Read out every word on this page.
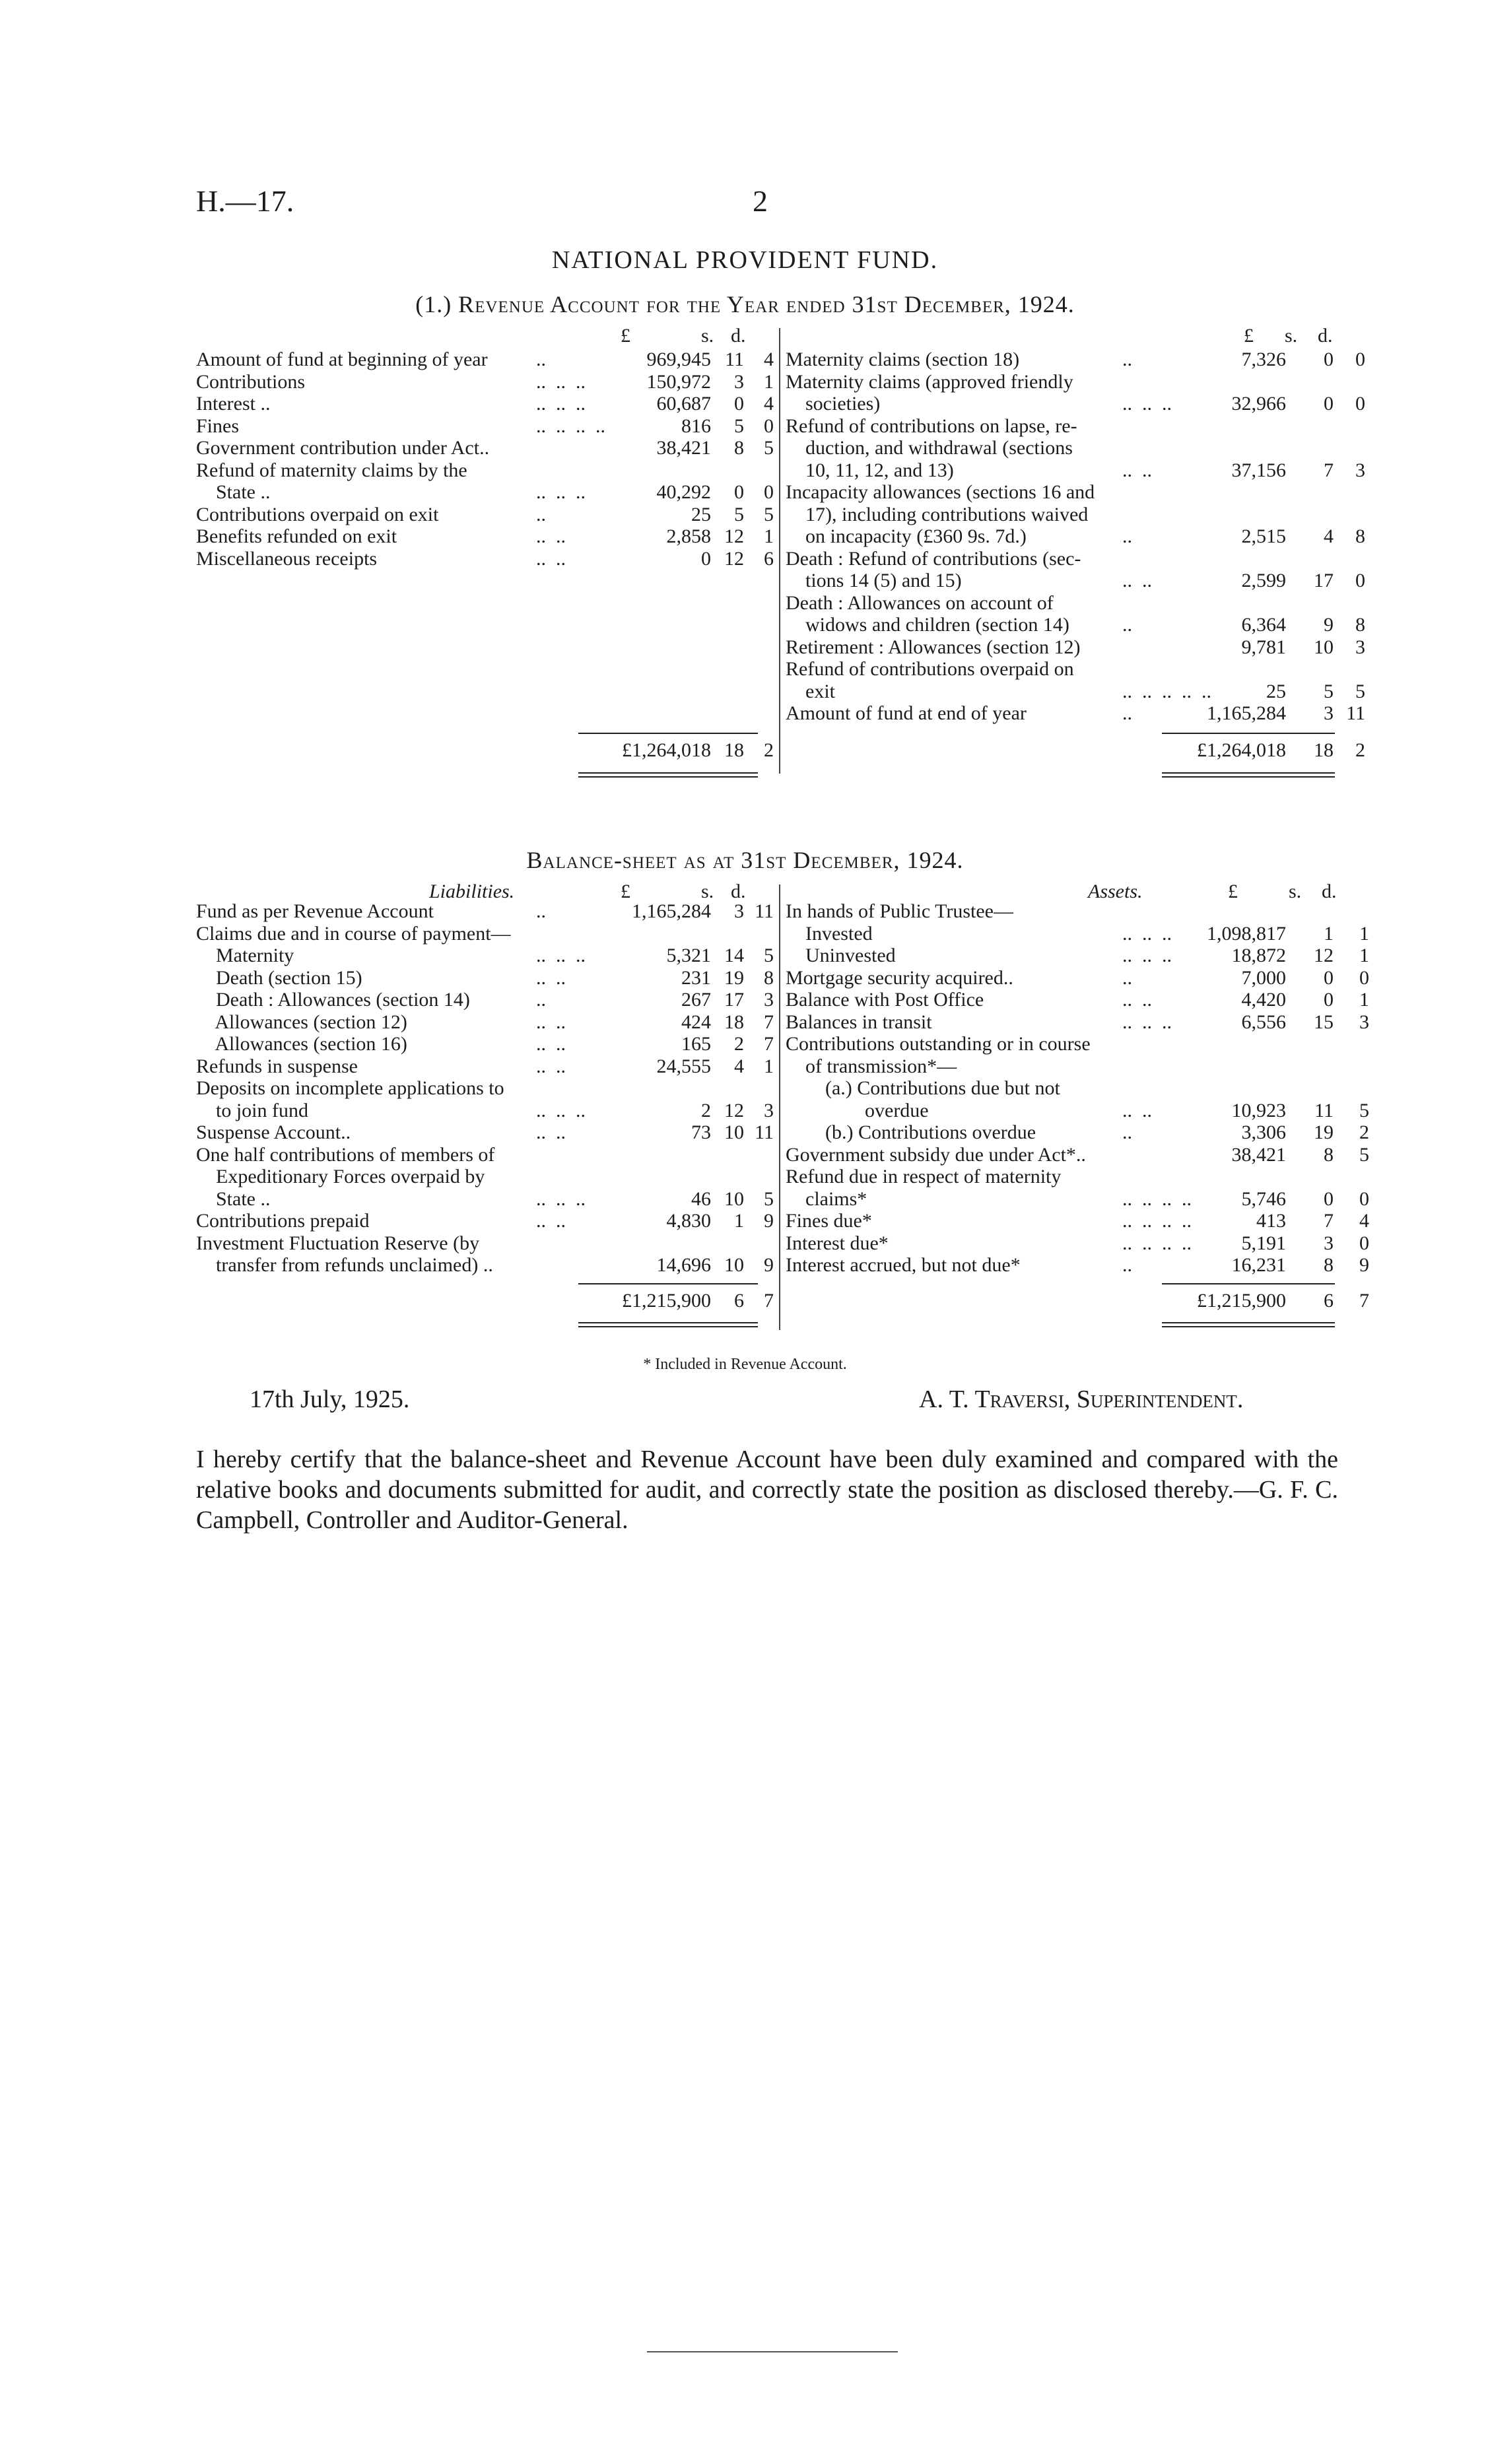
H.—17.	2
NATIONAL PROVIDENT FUND.
(1.) Revenue Account for the Year ended 31st December, 1924.
£	s. d.	£ s. d.
Amount of fund at beginning of year ..	969,945 11	4
Contributions	..  ..  ..	150,972	3	1
Interest ..	..  ..  ..	60,687	0	4
Fines	..  ..  ..  ..	816	5	0
Government contribution under Act..	38,421	8	5
Refund of maternity claims by the
State ..	..  ..  ..	40,292	0	0
Contributions overpaid on exit	..	25	5	5
Benefits refunded on exit	..  ..	2,858 12	1
Miscellaneous receipts	..  ..	0 12	6
£1,264,018 18	2
Maternity claims (section 18)	..	7,326	0	0
Maternity claims (approved friendly
societies)	..  ..  ..	32,966	0	0
Refund of contributions on lapse, re-
duction, and withdrawal (sections
10, 11, 12, and 13)	..  ..	37,156	7	3
Incapacity allowances (sections 16 and
17), including contributions waived
on incapacity (£360 9s. 7d.)	..	2,515	4	8
Death : Refund of contributions (sec-
tions 14 (5) and 15)	..  ..	2,599	17	0
Death : Allowances on account of
widows and children (section 14)	..	6,364	9	8
Retirement : Allowances (section 12)	9,781	10	3
Refund of contributions overpaid on
exit	..  ..  ..  ..  ..	25	5	5
Amount of fund at end of year	..	1,165,284	3 11
£1,264,018	18	2
Balance-sheet as at 31st December, 1924.
Liabilities.	Assets.
£	s. d.	£	s. d.
Fund as per Revenue Account	..	1,165,284	3 11
Claims due and in course of payment—
Maternity	..  ..  ..	5,321 14	5
Death (section 15)	..  ..	231 19	8
Death : Allowances (section 14)	..	267 17	3
Allowances (section 12)	..  ..	424 18	7
Allowances (section 16)	..  ..	165	2	7
Refunds in suspense	..  ..	24,555	4	1
Deposits on incomplete applications to
to join fund	..  ..  ..	2 12	3
Suspense Account..	..  ..	73 10 11
One half contributions of members of
Expeditionary Forces overpaid by
State ..	..  ..  ..	46 10	5
Contributions prepaid	..  ..	4,830	1	9
Investment Fluctuation Reserve (by
transfer from refunds unclaimed) ..	14,696 10	9
£1,215,900	6	7
In hands of Public Trustee—
Invested	..  ..  ..	1,098,817	1	1
Uninvested	..  ..  ..	18,872	12	1
Mortgage security acquired..	..	7,000	0	0
Balance with Post Office	..  ..	4,420	0	1
Balances in transit	..  ..  ..	6,556	15	3
Contributions outstanding or in course
of transmission*—
(a.) Contributions due but not
overdue	..  ..	10,923	11	5
(b.) Contributions overdue	..	3,306	19	2
Government subsidy due under Act*..	38,421	8	5
Refund due in respect of maternity
claims*	..  ..  ..  ..	5,746	0	0
Fines due*	..  ..  ..  ..	413	7	4
Interest due*	..  ..  ..  ..	5,191	3	0
Interest accrued, but not due*	..	16,231	8	9
£1,215,900	6	7
* Included in Revenue Account.
17th July, 1925.	A. T. Traversi, Superintendent.
I hereby certify that the balance-sheet and Revenue Account have been duly examined and compared with the relative books and documents submitted for audit, and correctly state the position as disclosed thereby.—G. F. C. Campbell, Controller and Auditor-General.
